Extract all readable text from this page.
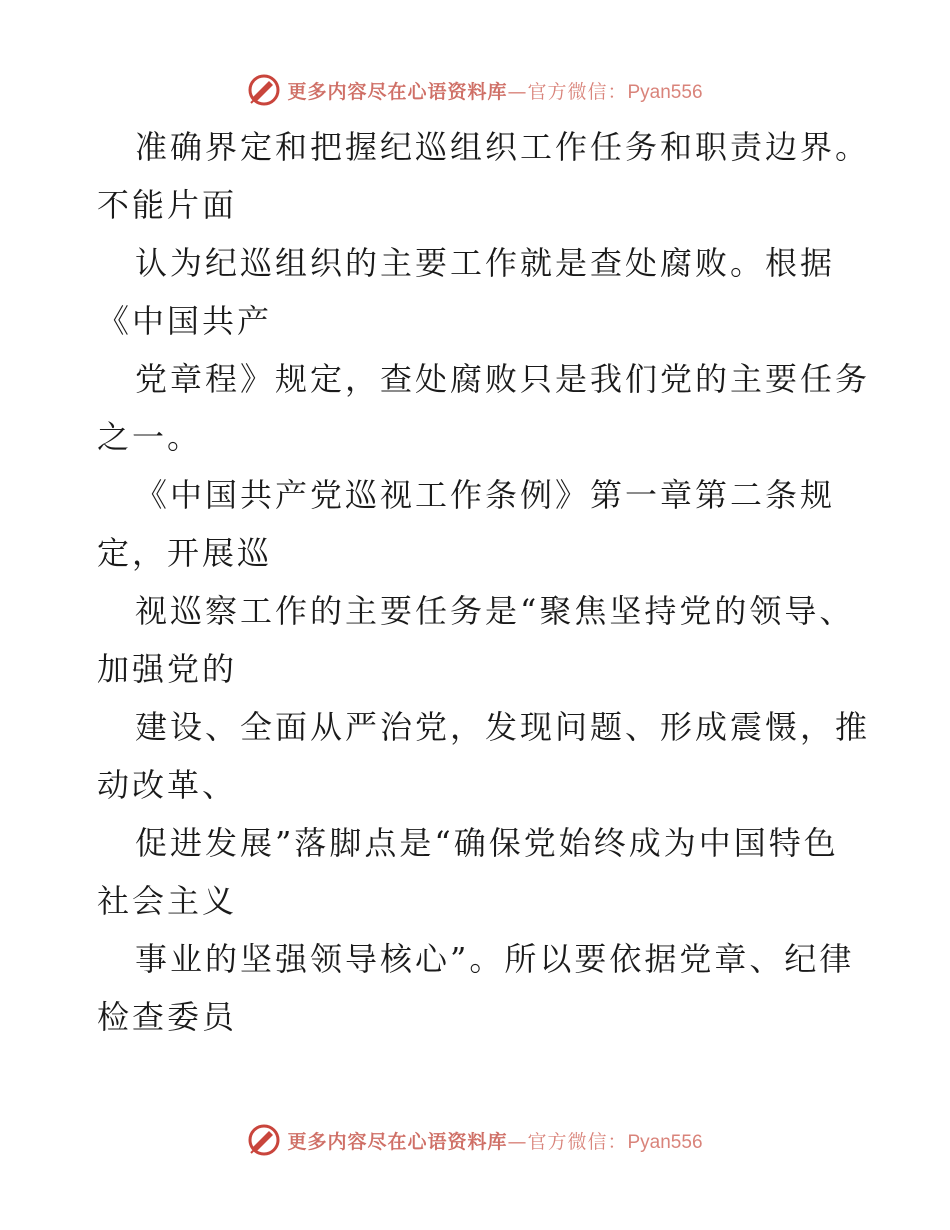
更多内容尽在心语资料库—官方微信：Pyan556

准确界定和把握纪巡组织工作任务和职责边界。

不能片面

认为纪巡组织的主要工作就是查处腐败。根据

《中国共产

党章程》规定，查处腐败只是我们党的主要任务

之一。

《中国共产党巡视工作条例》第一章第二条规

定，开展巡

视巡察工作的主要任务是“聚焦坚持党的领导、

加强党的

建设、全面从严治党，发现问题、形成震慑，推

动改革、

促进发展”落脚点是“确保党始终成为中国特色

社会主义

事业的坚强领导核心”。所以要依据党章、纪律

检查委员

更多内容尽在心语资料库—官方微信：Pyan556
